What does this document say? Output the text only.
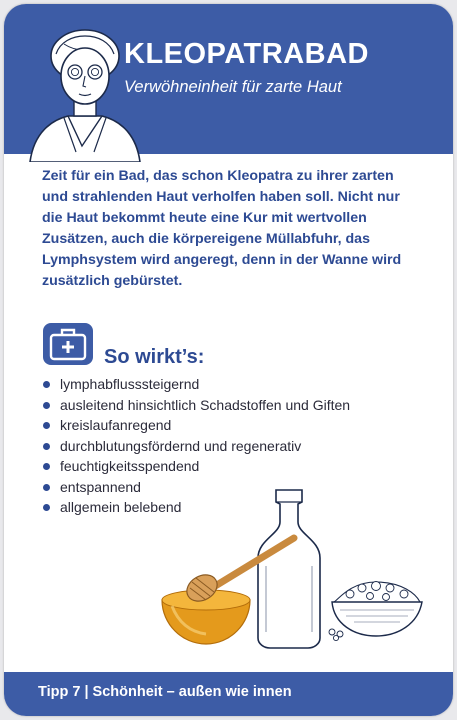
KLEOPATRABAD
Verwöhneinheit für zarte Haut
Zeit für ein Bad, das schon Kleopatra zu ihrer zarten und strahlenden Haut verholfen haben soll. Nicht nur die Haut bekommt heute eine Kur mit wertvollen Zusätzen, auch die körpereigene Müllabfuhr, das Lymphsystem wird angeregt, denn in der Wanne wird zusätzlich gebürstet.
So wirkt’s:
lymphabflusssteigernd
ausleitend hinsichtlich Schadstoffen und Giften
kreislaufanregend
durchblutungsfördernd und regenerativ
feuchtigkeitsspendend
entspannend
allgemein belebend
Tipp 7 | Schönheit – außen wie innen
